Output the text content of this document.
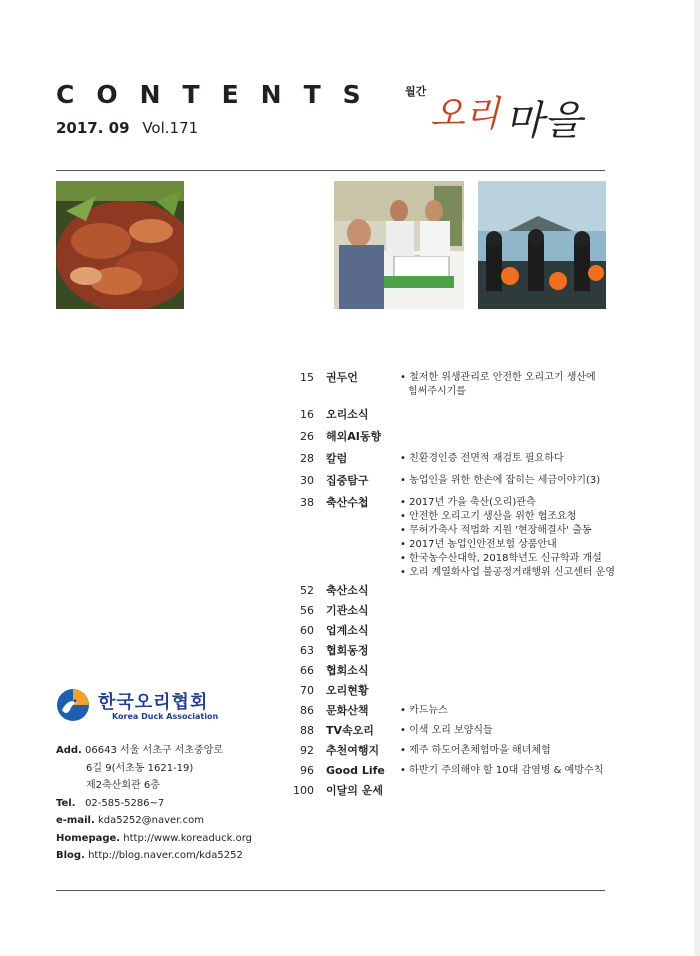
CONTENTS
2017. 09 Vol.171
월간
오리 마을
15	권두언	• 철저한 위생관리로 안전한 오리고기 생산에
힘써주시기를
16	오리소식
26	해외AI동향
28	칼럼	• 친환경인증 전면적 재검토 필요하다
30	집중탐구	• 농업인을 위한 한손에 잡히는 세금이야기(3)
38	축산수첩	• 2017년 가을 축산(오리)관측
• 안전한 오리고기 생산을 위한 협조요청
• 무허가축사 적법화 지원 '현장해결사' 출동
• 2017년 농업인안전보험 상품안내
• 한국농수산대학, 2018학년도 신규학과 개설
• 오리 계열화사업 불공정거래행위 신고센터 운영
52	축산소식
56	기관소식
60	업계소식
63	협회동정
66	협회소식
70	오리현황
86	문화산책	• 카드뉴스
88	TV속오리	• 이색 오리 보양식들
92	추천여행지	• 제주 하도어촌체험마을 해녀체험
96	Good Life	• 하반기 주의해야 할 10대 감염병 & 예방수칙
100	이달의 운세
한국오리협회
Korea Duck Association
Add. 06643 서울 서초구 서초중앙로
6길 9(서초동 1621-19)
제2축산회관 6층
Tel. 02-585-5286~7
e-mail. kda5252@naver.com
Homepage. http://www.koreaduck.org
Blog. http://blog.naver.com/kda5252
